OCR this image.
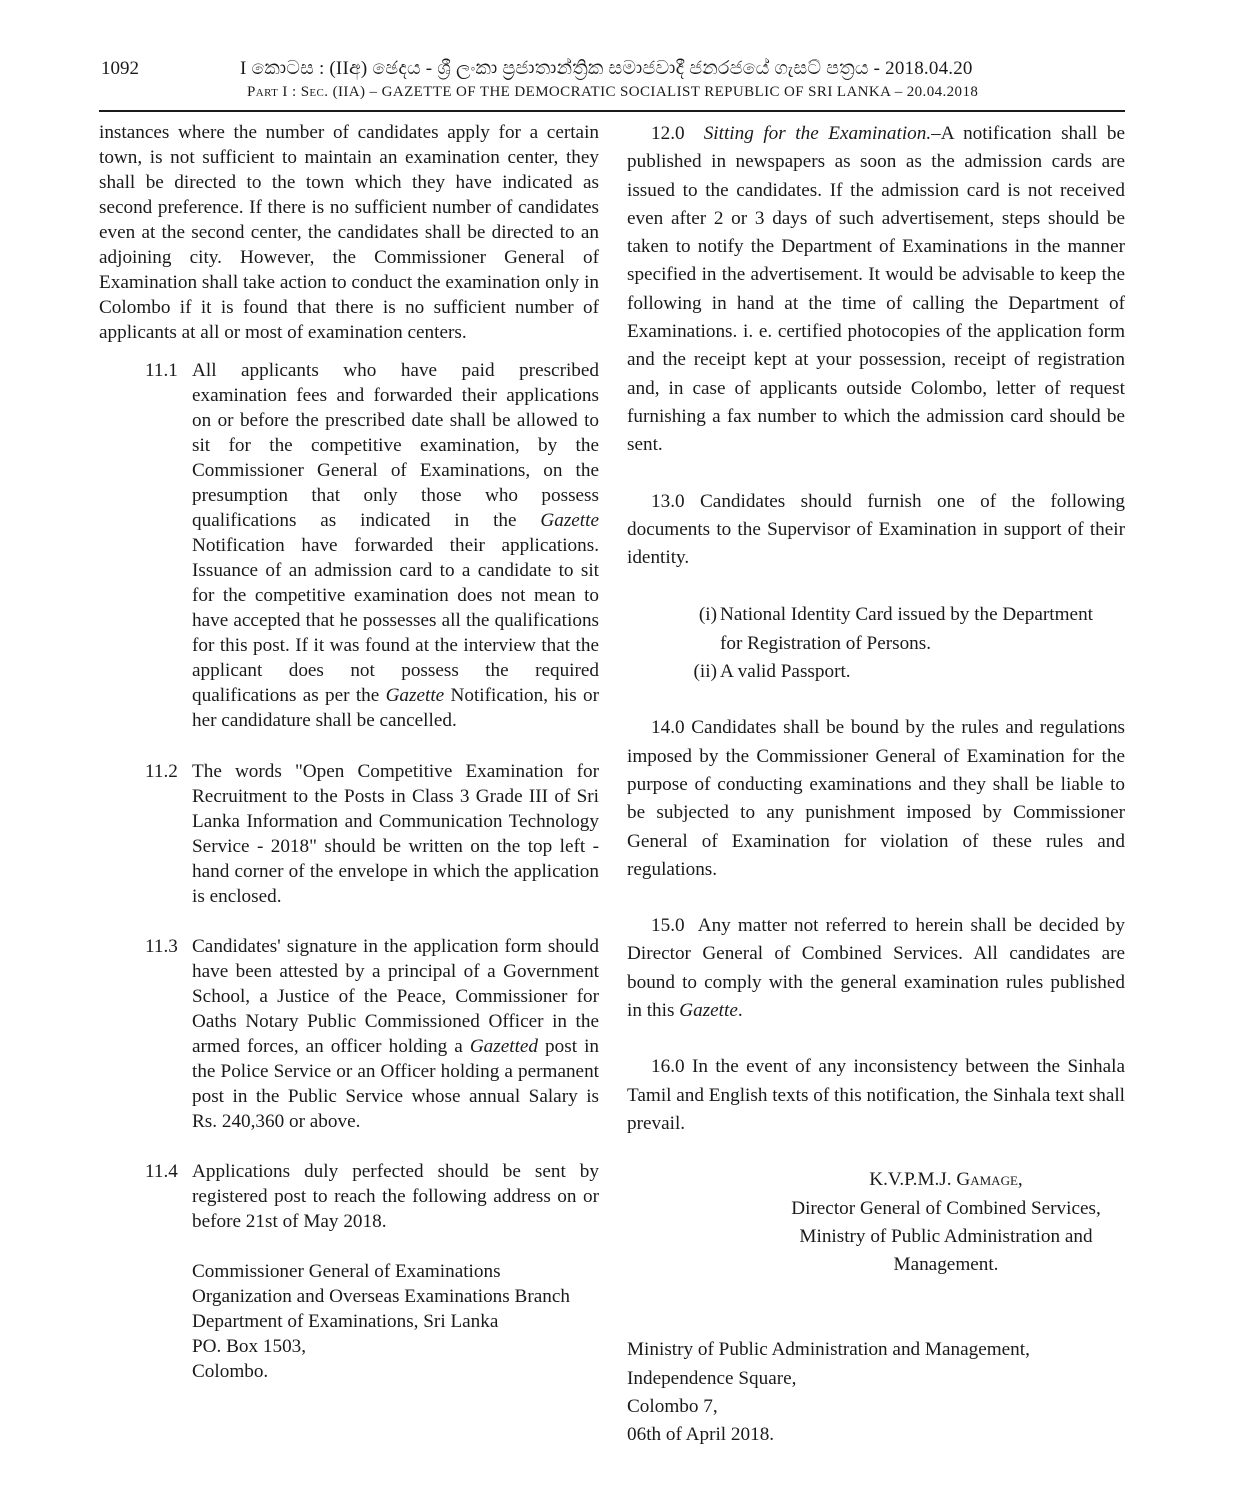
1092	I කොටස : (IIඅ) ඡෙදය - ශ්‍රී ලංකා ප්‍රජාතාන්ත්‍රික සමාජවාදී ජනරජයේ ගැසට් පත්‍රය - 2018.04.20
Part I : Sec. (IIA) – GAZETTE OF THE DEMOCRATIC SOCIALIST REPUBLIC OF SRI LANKA – 20.04.2018

instances where the number of candidates apply for a certain town, is not sufficient to maintain an examination center, they shall be directed to the town which they have indicated as second preference. If there is no sufficient number of candidates even at the second center, the candidates shall be directed to an adjoining city. However, the Commissioner General of Examination shall take action to conduct the examination only in Colombo if it is found that there is no sufficient number of applicants at all or most of examination centers.

11.1 All applicants who have paid prescribed examination fees and forwarded their applications on or before the prescribed date shall be allowed to sit for the competitive examination, by the Commissioner General of Examinations, on the presumption that only those who possess qualifications as indicated in the Gazette Notification have forwarded their applications. Issuance of an admission card to a candidate to sit for the competitive examination does not mean to have accepted that he possesses all the qualifications for this post. If it was found at the interview that the applicant does not possess the required qualifications as per the Gazette Notification, his or her candidature shall be cancelled.

11.2 The words "Open Competitive Examination for Recruitment to the Posts in Class 3 Grade III of Sri Lanka Information and Communication Technology Service - 2018" should be written on the top left - hand corner of the envelope in which the application is enclosed.

11.3 Candidates' signature in the application form should have been attested by a principal of a Government School, a Justice of the Peace, Commissioner for Oaths Notary Public Commissioned Officer in the armed forces, an officer holding a Gazetted post in the Police Service or an Officer holding a permanent post in the Public Service whose annual Salary is Rs. 240,360 or above.

11.4 Applications duly perfected should be sent by registered post to reach the following address on or before 21st of May 2018.

Commissioner General of Examinations
Organization and Overseas Examinations Branch
Department of Examinations, Sri Lanka
PO. Box 1503,
Colombo.

12.0 Sitting for the Examination.–A notification shall be published in newspapers as soon as the admission cards are issued to the candidates. If the admission card is not received even after 2 or 3 days of such advertisement, steps should be taken to notify the Department of Examinations in the manner specified in the advertisement. It would be advisable to keep the following in hand at the time of calling the Department of Examinations. i. e. certified photocopies of the application form and the receipt kept at your possession, receipt of registration and, in case of applicants outside Colombo, letter of request furnishing a fax number to which the admission card should be sent.

13.0 Candidates should furnish one of the following documents to the Supervisor of Examination in support of their identity.

(i) National Identity Card issued by the Department
for Registration of Persons.
(ii) A valid Passport.

14.0 Candidates shall be bound by the rules and regulations imposed by the Commissioner General of Examination for the purpose of conducting examinations and they shall be liable to be subjected to any punishment imposed by Commissioner General of Examination for violation of these rules and regulations.

15.0 Any matter not referred to herein shall be decided by Director General of Combined Services. All candidates are bound to comply with the general examination rules published in this Gazette.

16.0 In the event of any inconsistency between the Sinhala Tamil and English texts of this notification, the Sinhala text shall prevail.

K.V.P.M.J. Gamage,
Director General of Combined Services,
Ministry of Public Administration and
Management.
Ministry of Public Administration and Management,
Independence Square,
Colombo 7,
06th of April 2018.
